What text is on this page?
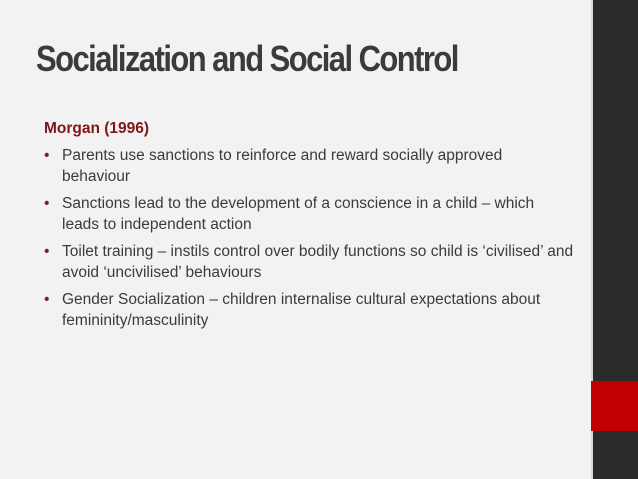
Socialization and Social Control
Morgan (1996)
• Parents use sanctions to reinforce and reward socially approved behaviour
• Sanctions lead to the development of a conscience in a child – which leads to independent action
• Toilet training – instils control over bodily functions so child is ‘civilised’ and avoid ‘uncivilised’ behaviours
• Gender Socialization – children internalise cultural expectations about femininity/masculinity
